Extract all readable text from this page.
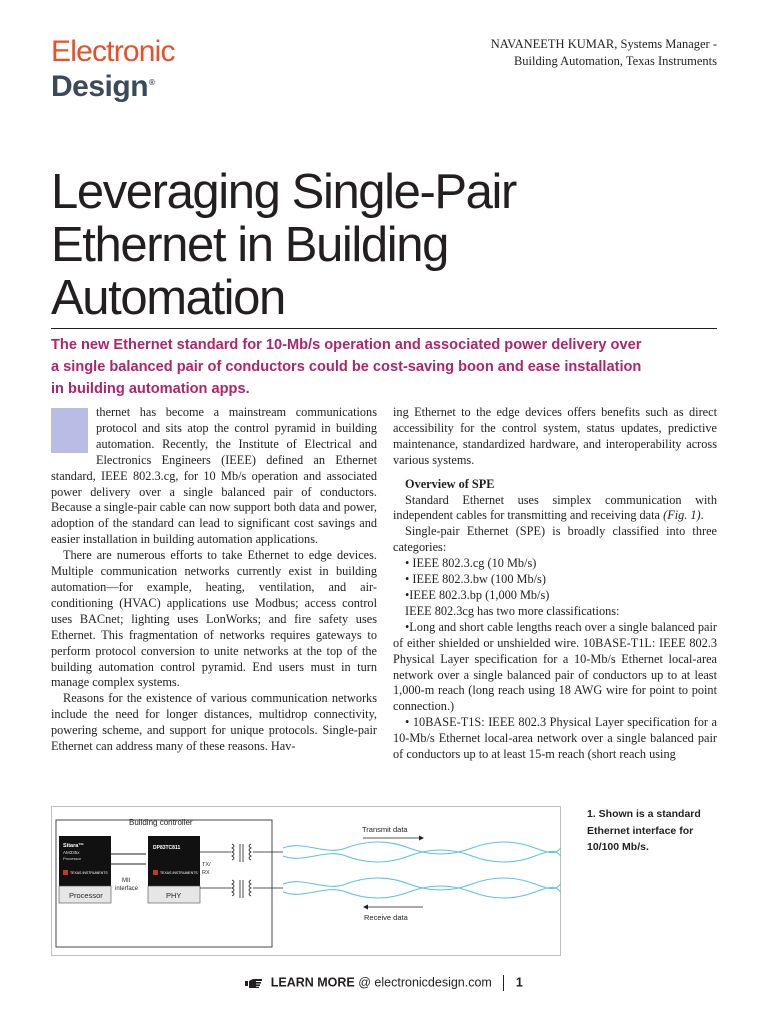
Electronic
Design®
NAVANEETH KUMAR, Systems Manager -
Building Automation, Texas Instruments
Leveraging Single-Pair
Ethernet in Building
Automation

The new Ethernet standard for 10-Mb/s operation and associated power delivery over
a single balanced pair of conductors could be cost-saving boon and ease installation
in building automation apps.

thernet has become a mainstream communications protocol and sits atop the control pyramid in building automation. Recently, the Institute of Electrical and Electronics Engineers (IEEE) defined an Ethernet standard, IEEE 802.3.cg, for 10 Mb/s operation and associated power delivery over a single balanced pair of conductors. Because a single-pair cable can now support both data and power, adoption of the standard can lead to significant cost savings and easier installation in building automation applications.

There are numerous efforts to take Ethernet to edge devices. Multiple communication networks currently exist in building automation—for example, heating, ventilation, and air-conditioning (HVAC) applications use Modbus; access control uses BACnet; lighting uses LonWorks; and fire safety uses Ethernet. This fragmentation of networks requires gateways to perform protocol conversion to unite networks at the top of the building automation control pyramid. End users must in turn manage complex systems.

Reasons for the existence of various communication networks include the need for longer distances, multidrop connectivity, powering scheme, and support for unique protocols. Single-pair Ethernet can address many of these reasons. Hav-

ing Ethernet to the edge devices offers benefits such as direct accessibility for the control system, status updates, predictive maintenance, standardized hardware, and interoperability across various systems.

Overview of SPE

Standard Ethernet uses simplex communication with independent cables for transmitting and receiving data (Fig. 1).

Single-pair Ethernet (SPE) is broadly classified into three categories:

• IEEE 802.3.cg (10 Mb/s)

• IEEE 802.3.bw (100 Mb/s)

•IEEE 802.3.bp (1,000 Mb/s)

IEEE 802.3cg has two more classifications:

•Long and short cable lengths reach over a single balanced pair of either shielded or unshielded wire. 10BASE-T1L: IEEE 802.3 Physical Layer specification for a 10-Mb/s Ethernet local-area network over a single balanced pair of conductors up to at least 1,000-m reach (long reach using 18 AWG wire for point to point connection.)

• 10BASE-T1S: IEEE 802.3 Physical Layer specification for a 10-Mb/s Ethernet local-area network over a single balanced pair of conductors up to at least 15-m reach (short reach using

Building controller
Sitara™
AM335x
Processor
TEXAS INSTRUMENTS
Processor
MII
interface
DP83TC811
TEXAS INSTRUMENTS
PHY
TX/
RX
Transmit data
Receive data
1. Shown is a standard Ethernet interface for 10/100 Mb/s.
LEARN MORE @ electronicdesign.com 1
